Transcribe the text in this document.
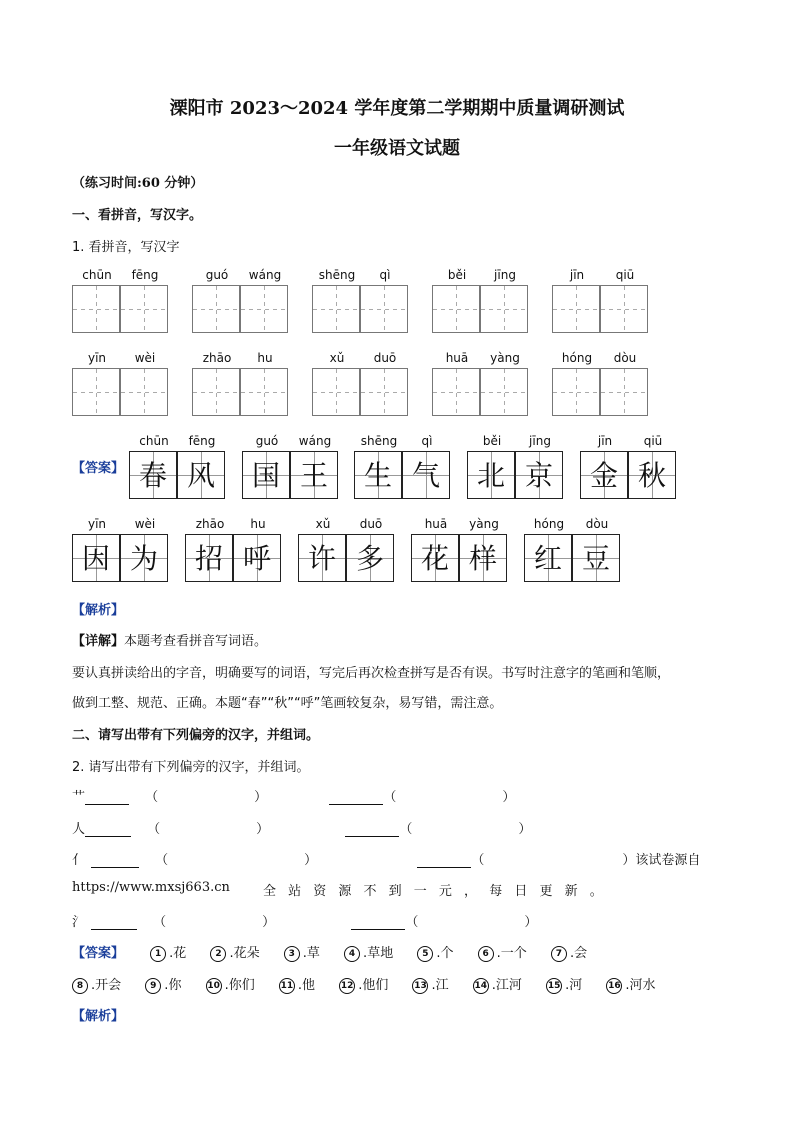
溧阳市 2023～2024 学年度第二学期期中质量调研测试
一年级语文试题
（练习时间:60 分钟）
一、看拼音，写汉字。
1. 看拼音，写汉字
chūn	fēng	guó	wáng	shēng	qì	běi	jīng	jīn	qiū
yīn	wèi	zhāo	hu	xǔ	duō	huā	yàng	hóng	dòu
【答案】
chūn	fēng
春 风
guó	wáng
国 王
shēng	qì
生 气
běi	jīng
北 京
jīn	qiū
金 秋
yīn	wèi
因 为
zhāo	hu
招 呼
xǔ	duō
许 多
huā	yàng
花 样
hóng	dòu
红 豆
【解析】
【详解】本题考查看拼音写词语。
要认真拼读给出的字音，明确要写的词语，写完后再次检查拼写是否有误。书写时注意字的笔画和笔顺，
做到工整、规范、正确。本题“春”“秋”“呼”笔画较复杂，易写错，需注意。
二、请写出带有下列偏旁的汉字，并组词。
2. 请写出带有下列偏旁的汉字，并组词。
艹	（	）	（	）
人	（	）	（	）
亻	（	）	（	）该试卷源自
https://www.mxsj663.cn	全 站 资 源 不 到 一 元 ， 每 日 更 新 。
氵	（	）	（	）
【答案】	1 .花	2 .花朵	3 .草	4 .草地	5 .个	6 .一个	7 .会
8 .开会	9 .你	10 .你们	11 .他	12 .他们	13 .江	14 .江河	15 .河	16 .河水
【解析】
